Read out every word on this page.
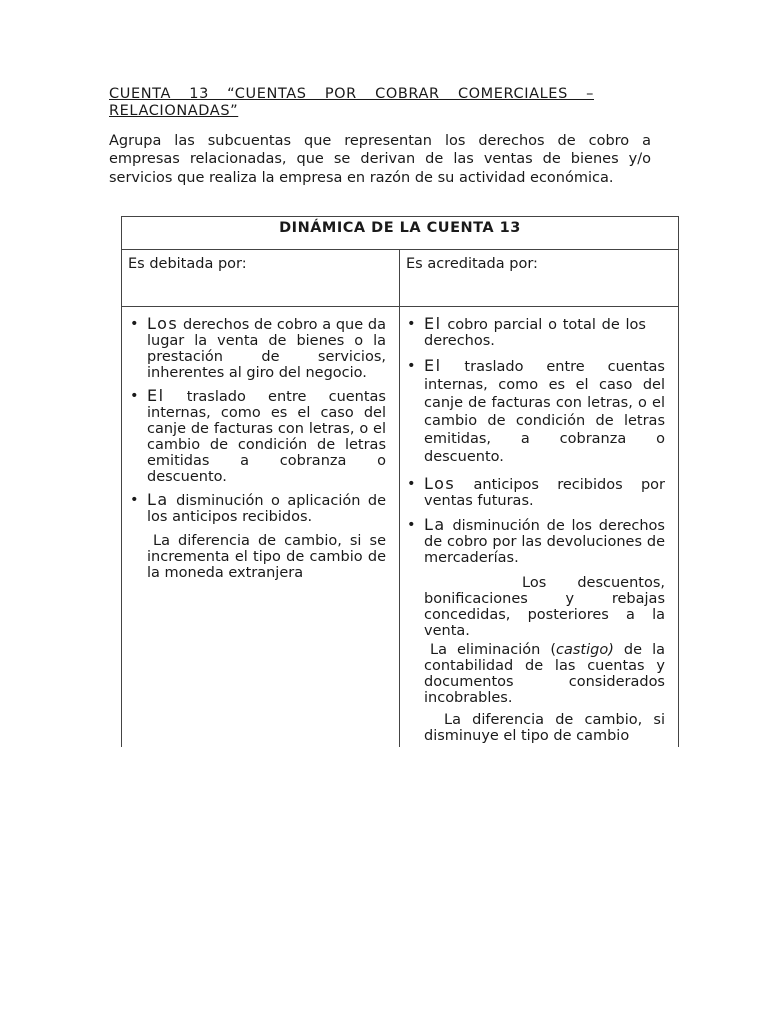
CUENTA 13 “CUENTAS POR COBRAR COMERCIALES – RELACIONADAS”
Agrupa las subcuentas que representan los derechos de cobro a empresas relacionadas, que se derivan de las ventas de bienes y/o servicios que realiza la empresa en razón de su actividad económica.
DINÁMICA DE LA CUENTA 13
Es debitada por:	Es acreditada por:
• Los derechos de cobro a que da lugar la venta de bienes o la prestación de servicios, inherentes al giro del negocio.
• El traslado entre cuentas internas, como es el caso del canje de facturas con letras, o el cambio de condición de letras emitidas a cobranza o descuento.
• La disminución o aplicación de los anticipos recibidos.
La diferencia de cambio, si se incrementa el tipo de cambio de la moneda extranjera
• El cobro parcial o total de los derechos.
• El traslado entre cuentas internas, como es el caso del canje de facturas con letras, o el cambio de condición de letras emitidas, a cobranza o descuento.
• Los anticipos recibidos por ventas futuras.
• La disminución de los derechos de cobro por las devoluciones de mercaderías.
Los descuentos, bonificaciones y rebajas concedidas, posteriores a la venta.
La eliminación (castigo) de la contabilidad de las cuentas y documentos considerados incobrables.
La diferencia de cambio, si disminuye el tipo de cambio
